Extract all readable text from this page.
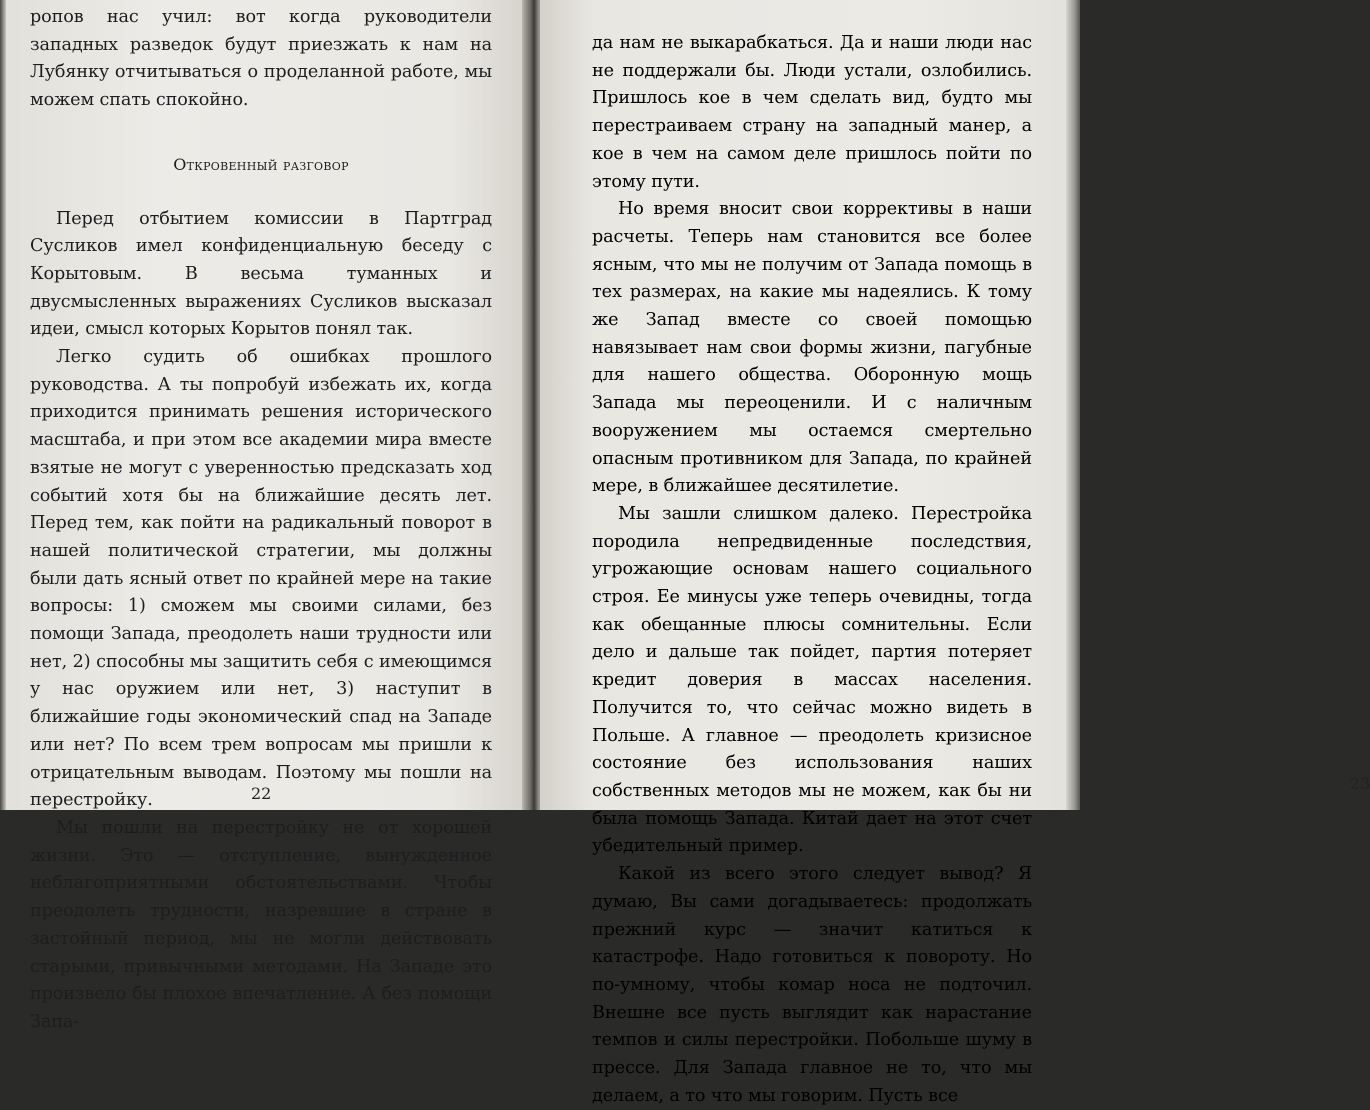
ропов нас учил: вот когда руководители западных разведок будут приезжать к нам на Лубянку отчитываться о проделанной работе, мы можем спать спокойно.

Откровенный разговор

Перед отбытием комиссии в Партград Сусликов имел конфиденциальную беседу с Корытовым. В весьма туманных и двусмысленных выражениях Сусликов высказал идеи, смысл которых Корытов понял так.

Легко судить об ошибках прошлого руководства. А ты попробуй избежать их, когда приходится принимать решения исторического масштаба, и при этом все академии мира вместе взятые не могут с уверенностью предсказать ход событий хотя бы на ближайшие десять лет. Перед тем, как пойти на радикальный поворот в нашей политической стратегии, мы должны были дать ясный ответ по крайней мере на такие вопросы: 1) сможем мы своими силами, без помощи Запада, преодолеть наши трудности или нет, 2) способны мы защитить себя с имеющимся у нас оружием или нет, 3) наступит в ближайшие годы экономический спад на Западе или нет? По всем трем вопросам мы пришли к отрицательным выводам. Поэтому мы пошли на перестройку.

Мы пошли на перестройку не от хорошей жизни. Это — отступление, вынужденное неблагоприятными обстоятельствами. Чтобы преодолеть трудности, назревшие в стране в застойный период, мы не могли действовать старыми, привычными методами. На Западе это произвело бы плохое впечатление. А без помощи Запа-

22
23

да нам не выкарабкаться. Да и наши люди нас не поддержали бы. Люди устали, озлобились. Пришлось кое в чем сделать вид, будто мы перестраиваем страну на западный манер, а кое в чем на самом деле пришлось пойти по этому пути.

Но время вносит свои коррективы в наши расчеты. Теперь нам становится все более ясным, что мы не получим от Запада помощь в тех размерах, на какие мы надеялись. К тому же Запад вместе со своей помощью навязывает нам свои формы жизни, пагубные для нашего общества. Оборонную мощь Запада мы переоценили. И с наличным вооружением мы остаемся смертельно опасным противником для Запада, по крайней мере, в ближайшее десятилетие.

Мы зашли слишком далеко. Перестройка породила непредвиденные последствия, угрожающие основам нашего социального строя. Ее минусы уже теперь очевидны, тогда как обещанные плюсы сомнительны. Если дело и дальше так пойдет, партия потеряет кредит доверия в массах населения. Получится то, что сейчас можно видеть в Польше. А главное — преодолеть кризисное состояние без использования наших собственных методов мы не можем, как бы ни была помощь Запада. Китай дает на этот счет убедительный пример.

Какой из всего этого следует вывод? Я думаю, Вы сами догадываетесь: продолжать прежний курс — значит катиться к катастрофе. Надо готовиться к повороту. Но по-умному, чтобы комар носа не подточил. Внешне все пусть выглядит как нарастание темпов и силы перестройки. Побольше шуму в прессе. Для Запада главное не то, что мы делаем, а то что мы говорим. Пусть все
